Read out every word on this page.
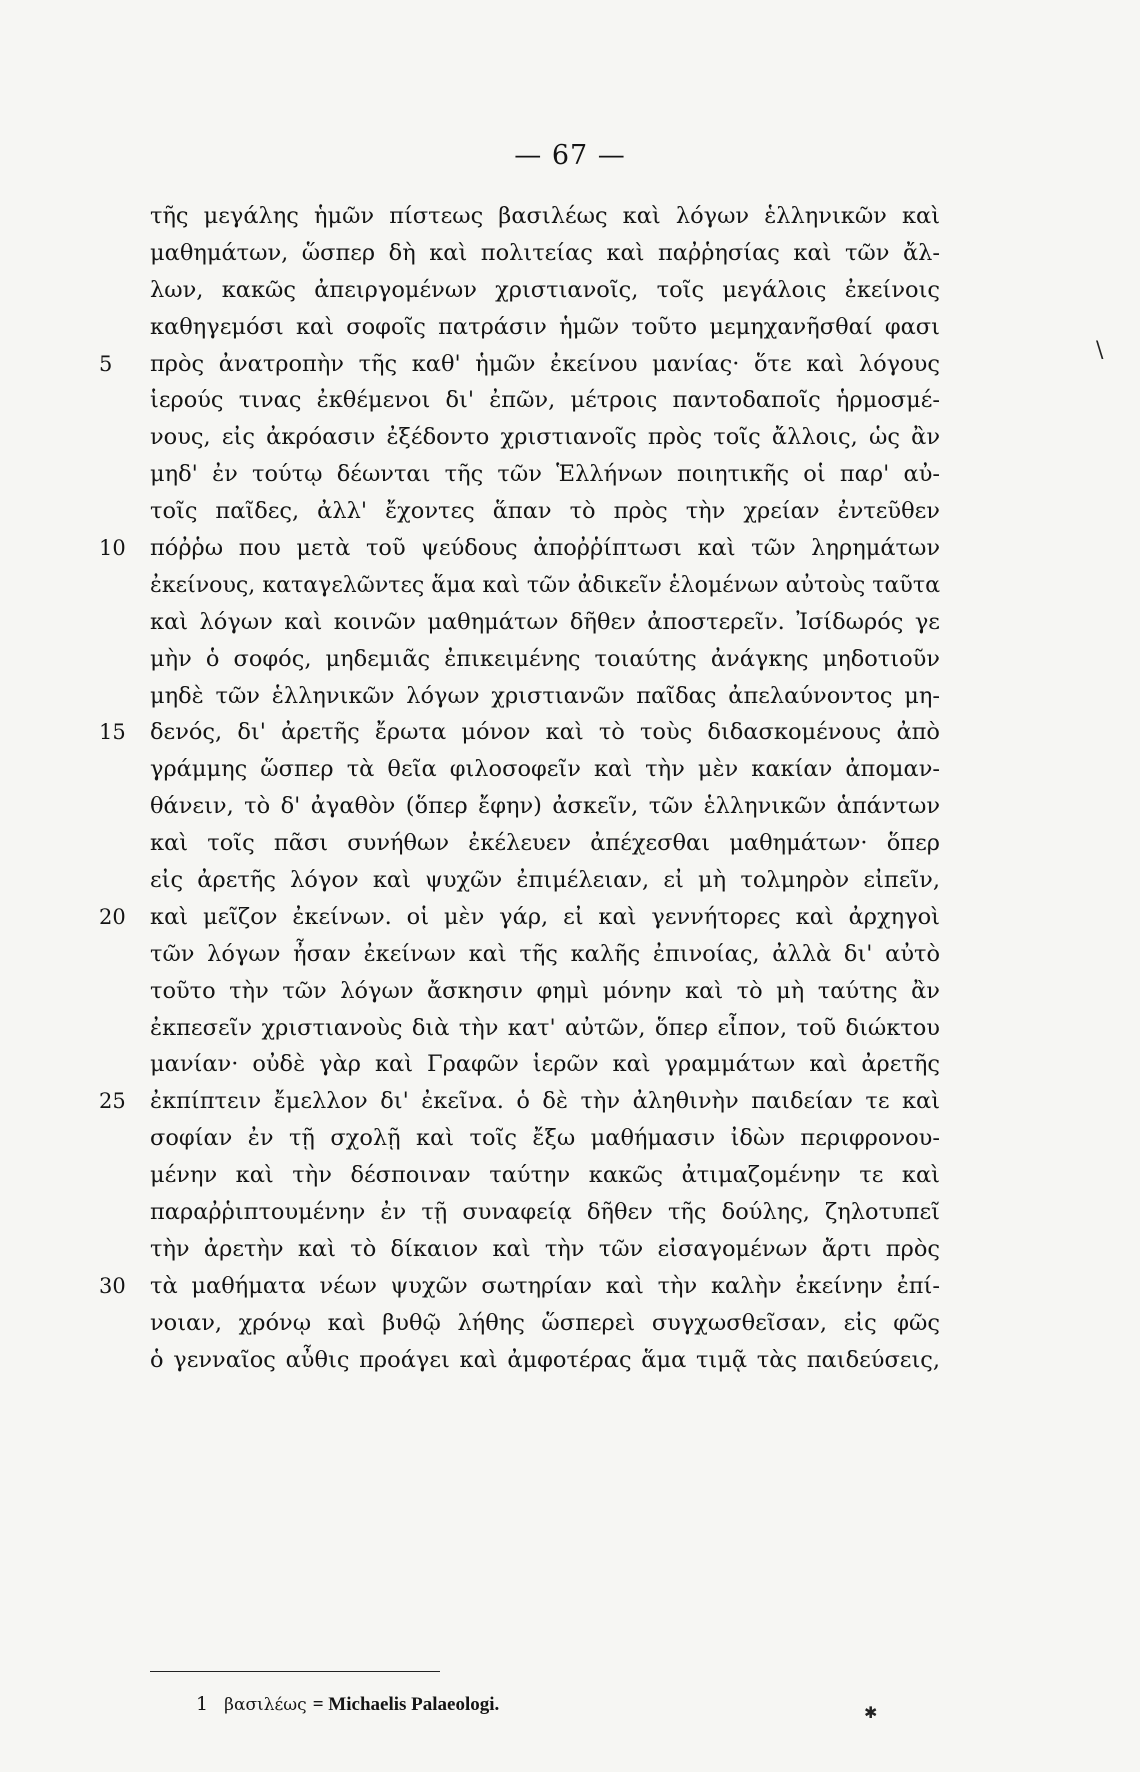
— 67 —
τῆς μεγάλης ἡμῶν πίστεως βασιλέως καὶ λόγων ἑλληνικῶν καὶ
μαθημάτων, ὥσπερ δὴ καὶ πολιτείας καὶ παῤῥησίας καὶ τῶν ἄλ-
λων, κακῶς ἀπειργομένων χριστιανοῖς, τοῖς μεγάλοις ἐκείνοις
καθηγεμόσι καὶ σοφοῖς πατράσιν ἡμῶν τοῦτο μεμηχανῆσθαί φασι
5	πρὸς ἀνατροπὴν τῆς καθ' ἡμῶν ἐκείνου μανίας· ὅτε καὶ λόγους
ἱερούς τινας ἐκθέμενοι δι' ἐπῶν, μέτροις παντοδαποῖς ἡρμοσμέ-
νους, εἰς ἀκρόασιν ἐξέδοντο χριστιανοῖς πρὸς τοῖς ἄλλοις, ὡς ἂν
μηδ' ἐν τούτῳ δέωνται τῆς τῶν Ἑλλήνων ποιητικῆς οἱ παρ' αὐ-
τοῖς παῖδες, ἀλλ' ἔχοντες ἅπαν τὸ πρὸς τὴν χρείαν ἐντεῦθεν
10	πόῤῥω που μετὰ τοῦ ψεύδους ἀποῤῥίπτωσι καὶ τῶν ληρημάτων
ἐκείνους, καταγελῶντες ἅμα καὶ τῶν ἀδικεῖν ἑλομένων αὐτοὺς ταῦτα
καὶ λόγων καὶ κοινῶν μαθημάτων δῆθεν ἀποστερεῖν. Ἰσίδωρός γε
μὴν ὁ σοφός, μηδεμιᾶς ἐπικειμένης τοιαύτης ἀνάγκης μηδοτιοῦν
μηδὲ τῶν ἑλληνικῶν λόγων χριστιανῶν παῖδας ἀπελαύνοντος μη-
15	δενός, δι' ἀρετῆς ἔρωτα μόνον καὶ τὸ τοὺς διδασκομένους ἀπὸ
γράμμης ὥσπερ τὰ θεῖα φιλοσοφεῖν καὶ τὴν μὲν κακίαν ἀπομαν-
θάνειν, τὸ δ' ἀγαθὸν (ὅπερ ἔφην) ἀσκεῖν, τῶν ἑλληνικῶν ἁπάντων
καὶ τοῖς πᾶσι συνήθων ἐκέλευεν ἀπέχεσθαι μαθημάτων· ὅπερ
εἰς ἀρετῆς λόγον καὶ ψυχῶν ἐπιμέλειαν, εἰ μὴ τολμηρὸν εἰπεῖν,
20	καὶ μεῖζον ἐκείνων. οἱ μὲν γάρ, εἰ καὶ γεννήτορες καὶ ἀρχηγοὶ
τῶν λόγων ἦσαν ἐκείνων καὶ τῆς καλῆς ἐπινοίας, ἀλλὰ δι' αὐτὸ
τοῦτο τὴν τῶν λόγων ἄσκησιν φημὶ μόνην καὶ τὸ μὴ ταύτης ἂν
ἐκπεσεῖν χριστιανοὺς διὰ τὴν κατ' αὐτῶν, ὅπερ εἶπον, τοῦ διώκτου
μανίαν· οὐδὲ γὰρ καὶ Γραφῶν ἱερῶν καὶ γραμμάτων καὶ ἀρετῆς
25	ἐκπίπτειν ἔμελλον δι' ἐκεῖνα. ὁ δὲ τὴν ἀληθινὴν παιδείαν τε καὶ
σοφίαν ἐν τῇ σχολῇ καὶ τοῖς ἔξω μαθήμασιν ἰδὼν περιφρονου-
μένην καὶ τὴν δέσποιναν ταύτην κακῶς ἀτιμαζομένην τε καὶ
παραῤῥιπτουμένην ἐν τῇ συναφείᾳ δῆθεν τῆς δούλης, ζηλοτυπεῖ
τὴν ἀρετὴν καὶ τὸ δίκαιον καὶ τὴν τῶν εἰσαγομένων ἄρτι πρὸς
30	τὰ μαθήματα νέων ψυχῶν σωτηρίαν καὶ τὴν καλὴν ἐκείνην ἐπί-
νοιαν, χρόνῳ καὶ βυθῷ λήθης ὥσπερεὶ συγχωσθεῖσαν, εἰς φῶς
ὁ γενναῖος αὖθις προάγει καὶ ἀμφοτέρας ἅμα τιμᾷ τὰς παιδεύσεις,
1 βασιλέως = Michaelis Palaeologi.
\
✱
